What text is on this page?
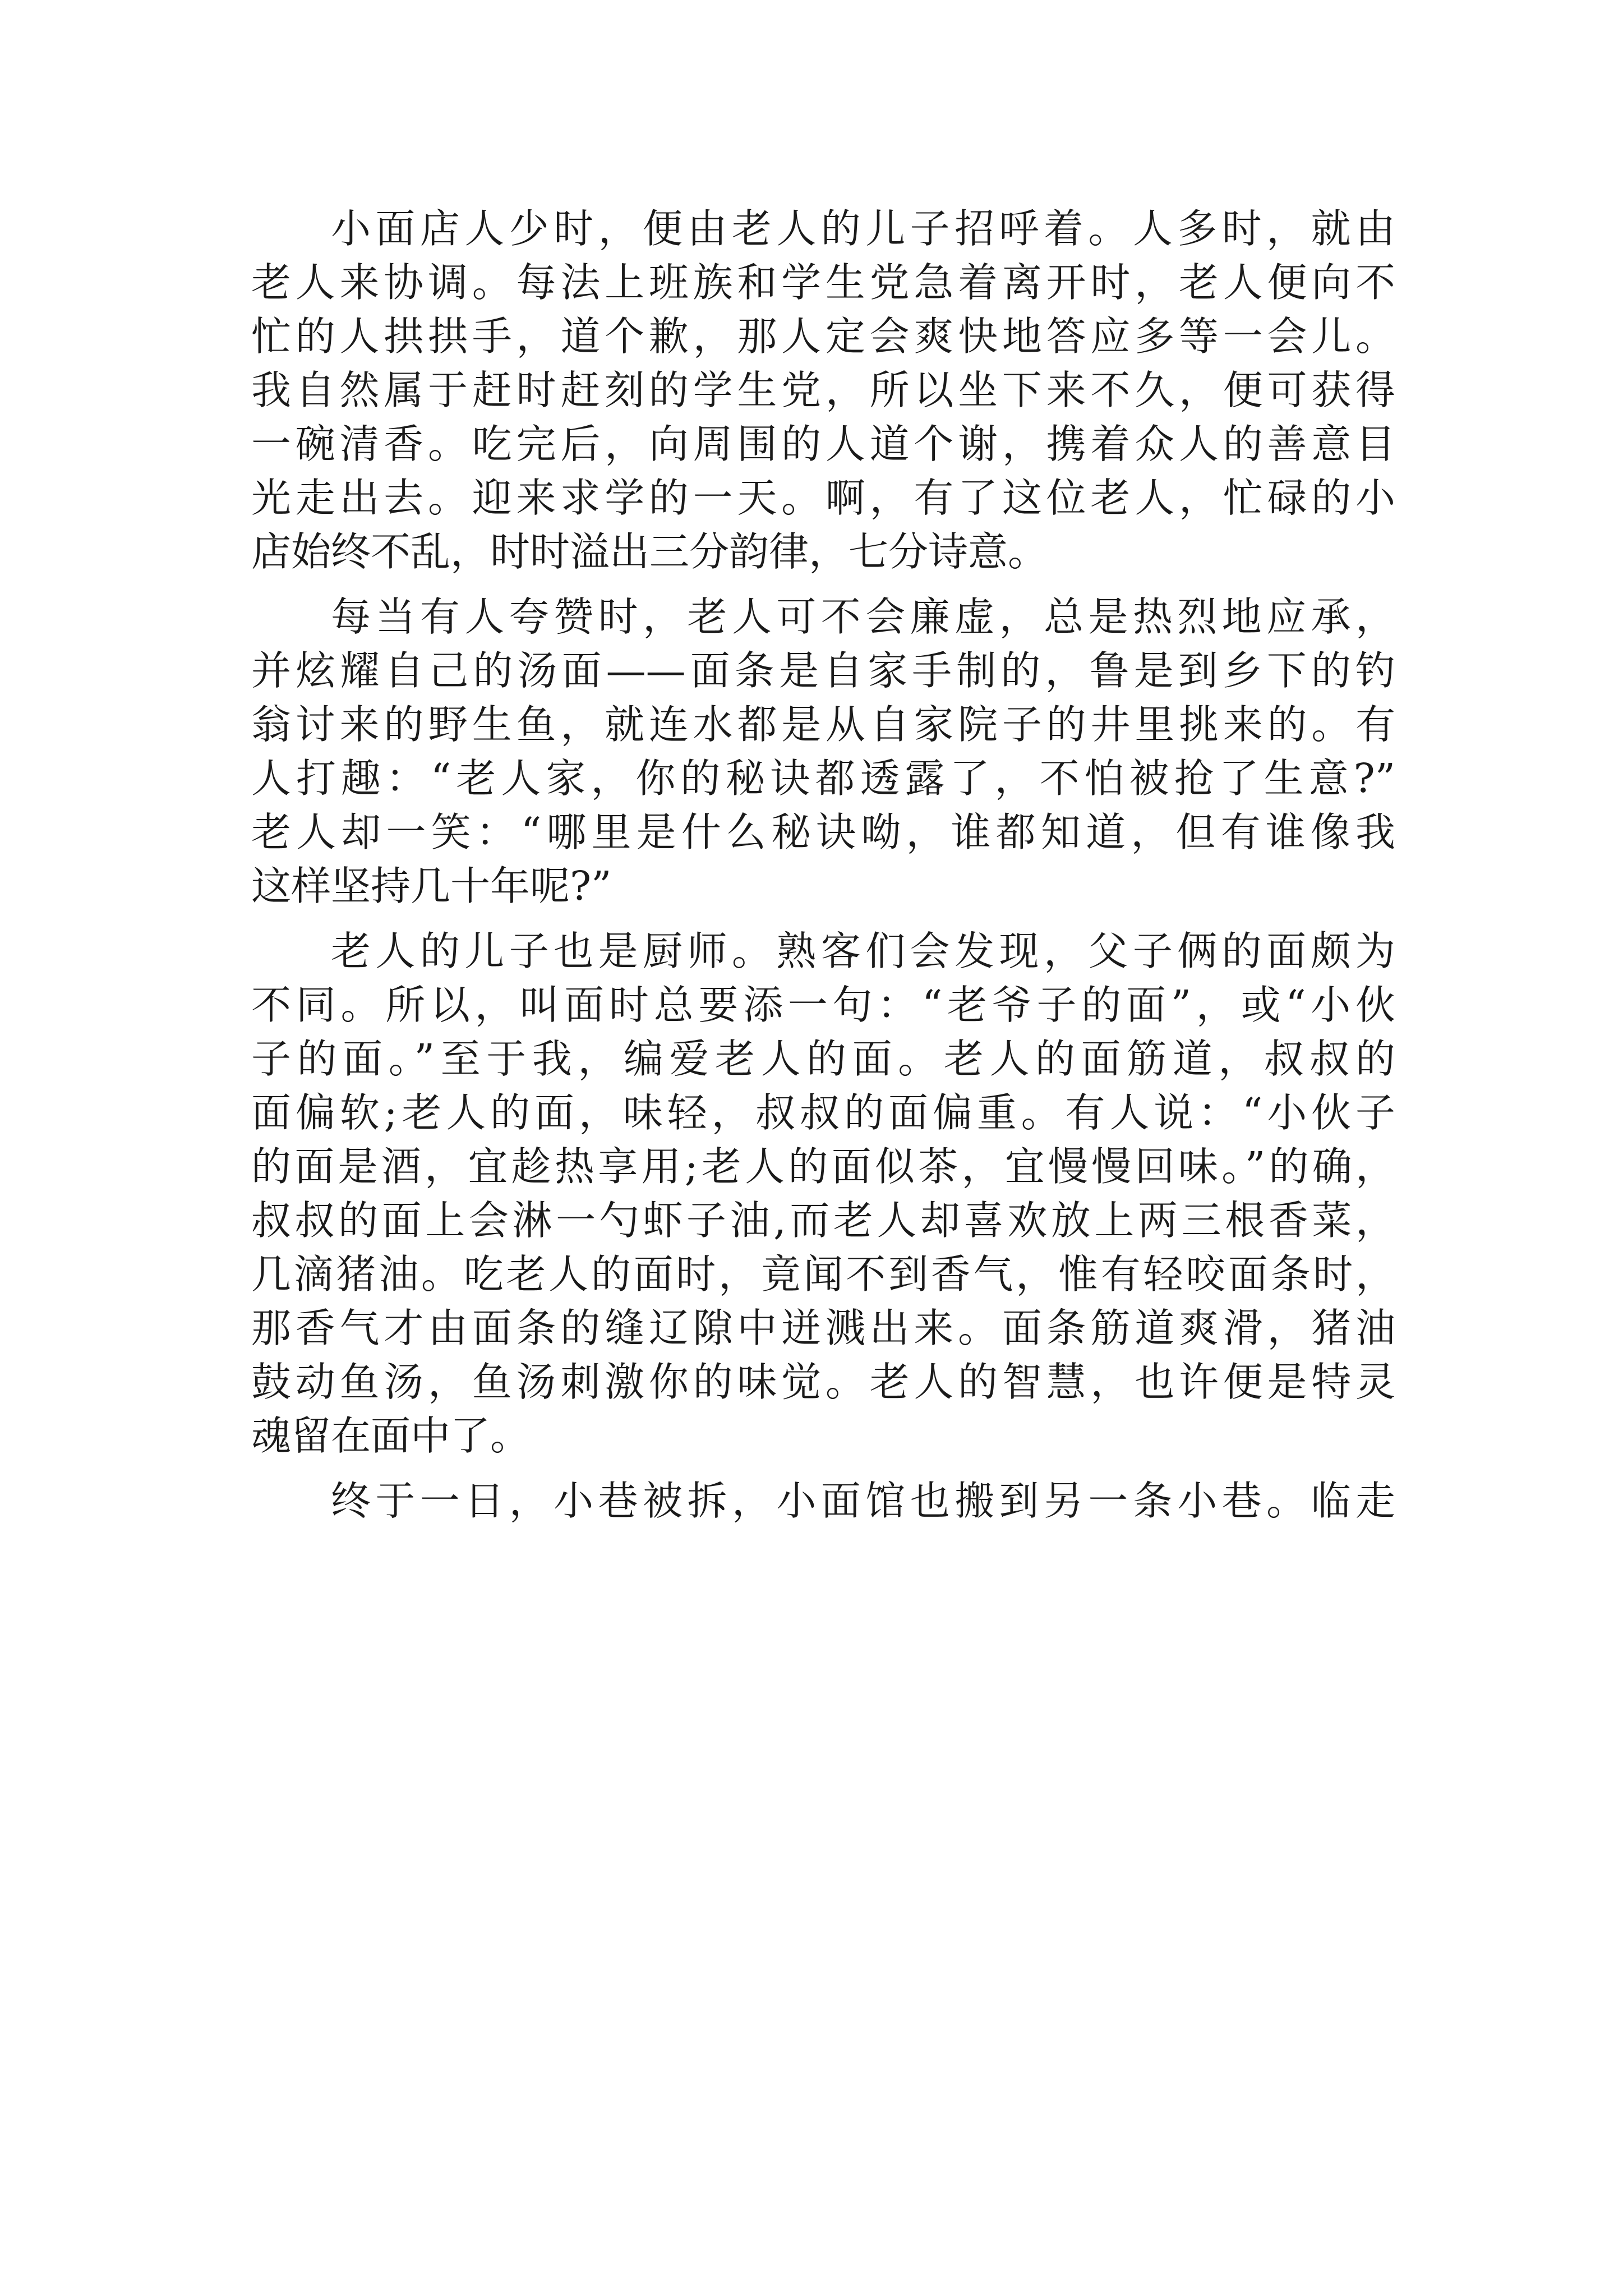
小面店人少时，便由老人的儿子招呼着。人多时，就由
老人来协调。每法上班族和学生党急着离开时，老人便向不
忙的人拱拱手，道个歉，那人定会爽快地答应多等一会儿。
我自然属于赶时赶刻的学生党，所以坐下来不久，便可获得
一碗清香。吃完后，向周围的人道个谢，携着众人的善意目
光走出去。迎来求学的一天。啊，有了这位老人，忙碌的小
店始终不乱，时时溢出三分韵律，七分诗意。
每当有人夸赞时，老人可不会廉虚，总是热烈地应承，
并炫耀自己的汤面——面条是自家手制的，鲁是到乡下的钓
翁讨来的野生鱼，就连水都是从自家院子的井里挑来的。有
人打趣：“老人家，你的秘诀都透露了，不怕被抢了生意?”
老人却一笑：“哪里是什么秘诀呦，谁都知道，但有谁像我
这样坚持几十年呢?”
老人的儿子也是厨师。熟客们会发现，父子俩的面颇为
不同。所以，叫面时总要添一句：“老爷子的面”，或“小伙
子的面。”至于我，编爱老人的面。老人的面筋道，叔叔的
面偏软;老人的面，味轻，叔叔的面偏重。有人说：“小伙子
的面是酒，宜趁热享用;老人的面似茶，宜慢慢回味。”的确，
叔叔的面上会淋一勺虾子油,而老人却喜欢放上两三根香菜，
几滴猪油。吃老人的面时，竟闻不到香气，惟有轻咬面条时，
那香气才由面条的缝辽隙中迸溅出来。面条筋道爽滑，猪油
鼓动鱼汤，鱼汤刺激你的味觉。老人的智慧，也许便是特灵
魂留在面中了。
终于一日，小巷被拆，小面馆也搬到另一条小巷。临走
